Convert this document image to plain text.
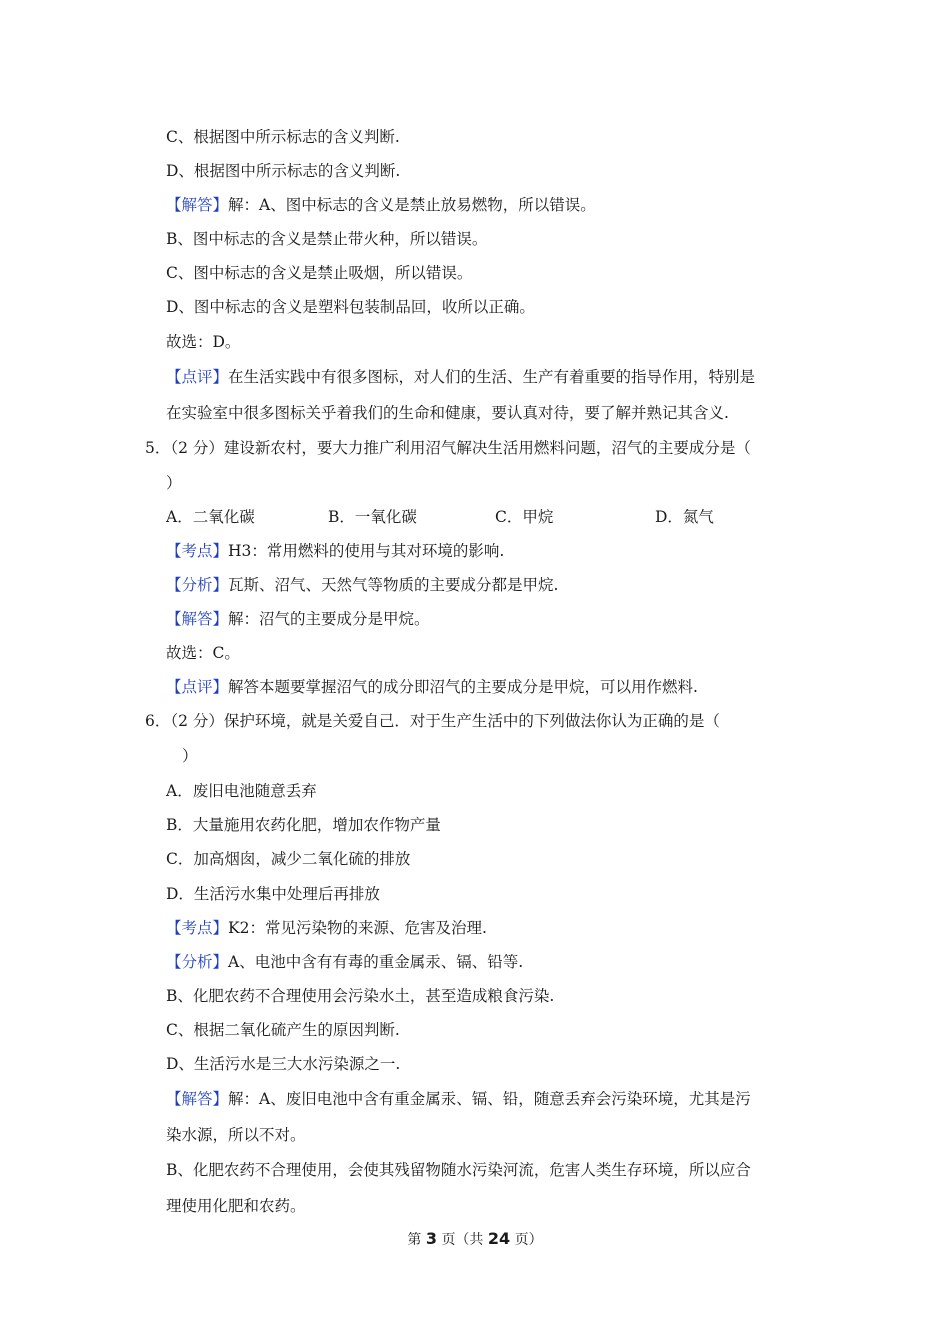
C、根据图中所示标志的含义判断.
D、根据图中所示标志的含义判断.
【解答】解：A、图中标志的含义是禁止放易燃物，所以错误。
B、图中标志的含义是禁止带火种，所以错误。
C、图中标志的含义是禁止吸烟，所以错误。
D、图中标志的含义是塑料包装制品回，收所以正确。
故选：D。
【点评】在生活实践中有很多图标，对人们的生活、生产有着重要的指导作用，特别是
在实验室中很多图标关乎着我们的生命和健康，要认真对待，要了解并熟记其含义.
5．（2 分）建设新农村，要大力推广利用沼气解决生活用燃料问题，沼气的主要成分是（
）
A．二氧化碳	B．一氧化碳	C．甲烷	D．氮气
【考点】H3：常用燃料的使用与其对环境的影响.
【分析】瓦斯、沼气、天然气等物质的主要成分都是甲烷.
【解答】解：沼气的主要成分是甲烷。
故选：C。
【点评】解答本题要掌握沼气的成分即沼气的主要成分是甲烷，可以用作燃料.
6．（2 分）保护环境，就是关爱自己．对于生产生活中的下列做法你认为正确的是（
）
A．废旧电池随意丢弃
B．大量施用农药化肥，增加农作物产量
C．加高烟囱，减少二氧化硫的排放
D．生活污水集中处理后再排放
【考点】K2：常见污染物的来源、危害及治理.
【分析】A、电池中含有有毒的重金属汞、镉、铅等.
B、化肥农药不合理使用会污染水土，甚至造成粮食污染.
C、根据二氧化硫产生的原因判断.
D、生活污水是三大水污染源之一.
【解答】解：A、废旧电池中含有重金属汞、镉、铅，随意丢弃会污染环境，尤其是污
染水源，所以不对。
B、化肥农药不合理使用，会使其残留物随水污染河流，危害人类生存环境，所以应合
理使用化肥和农药。
第 3 页（共 24 页）
